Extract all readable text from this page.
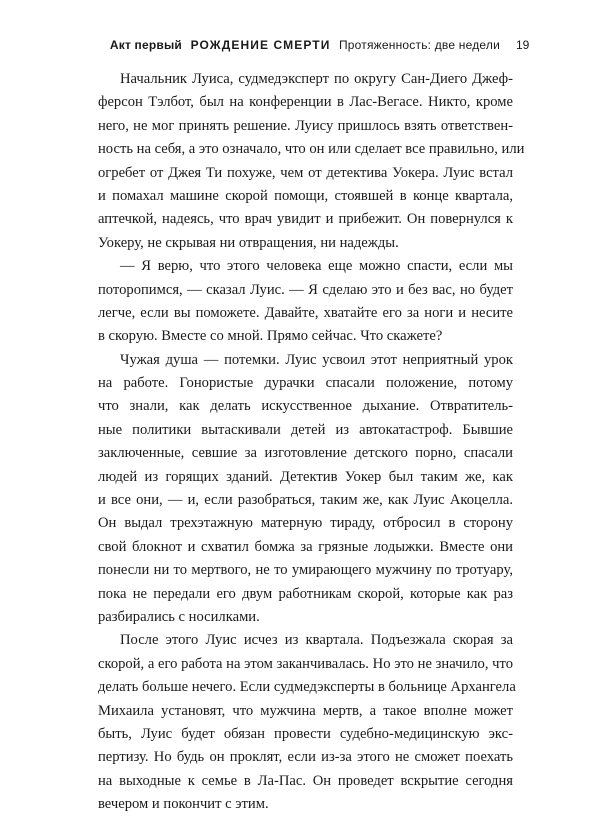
Акт первый РОЖДЕНИЕ СМЕРТИ Протяженность: две недели 19

Начальник Луиса, судмедэксперт по округу Сан-Диего Джеф-
ферсон Тэлбот, был на конференции в Лас-Вегасе. Никто, кроме
него, не мог принять решение. Луису пришлось взять ответствен-
ность на себя, а это означало, что он или сделает все правильно, или
огребет от Джея Ти похуже, чем от детектива Уокера. Луис встал
и помахал машине скорой помощи, стоявшей в конце квартала,
аптечкой, надеясь, что врач увидит и прибежит. Он повернулся к
Уокеру, не скрывая ни отвращения, ни надежды.

— Я верю, что этого человека еще можно спасти, если мы
поторопимся, — сказал Луис. — Я сделаю это и без вас, но будет
легче, если вы поможете. Давайте, хватайте его за ноги и несите
в скорую. Вместе со мной. Прямо сейчас. Что скажете?

Чужая душа — потемки. Луис усвоил этот неприятный урок
на работе. Гонористые дурачки спасали положение, потому
что знали, как делать искусственное дыхание. Отвратитель-
ные политики вытаскивали детей из автокатастроф. Бывшие
заключенные, севшие за изготовление детского порно, спасали
людей из горящих зданий. Детектив Уокер был таким же, как
и все они, — и, если разобраться, таким же, как Луис Акоцелла.
Он выдал трехэтажную матерную тираду, отбросил в сторону
свой блокнот и схватил бомжа за грязные лодыжки. Вместе они
понесли ни то мертвого, не то умирающего мужчину по тротуару,
пока не передали его двум работникам скорой, которые как раз
разбирались с носилками.

После этого Луис исчез из квартала. Подъезжала скорая за
скорой, а его работа на этом заканчивалась. Но это не значило, что
делать больше нечего. Если судмедэксперты в больнице Архангела
Михаила установят, что мужчина мертв, а такое вполне может
быть, Луис будет обязан провести судебно-медицинскую экс-
пертизу. Но будь он проклят, если из-за этого не сможет поехать
на выходные к семье в Ла-Пас. Он проведет вскрытие сегодня
вечером и покончит с этим.
